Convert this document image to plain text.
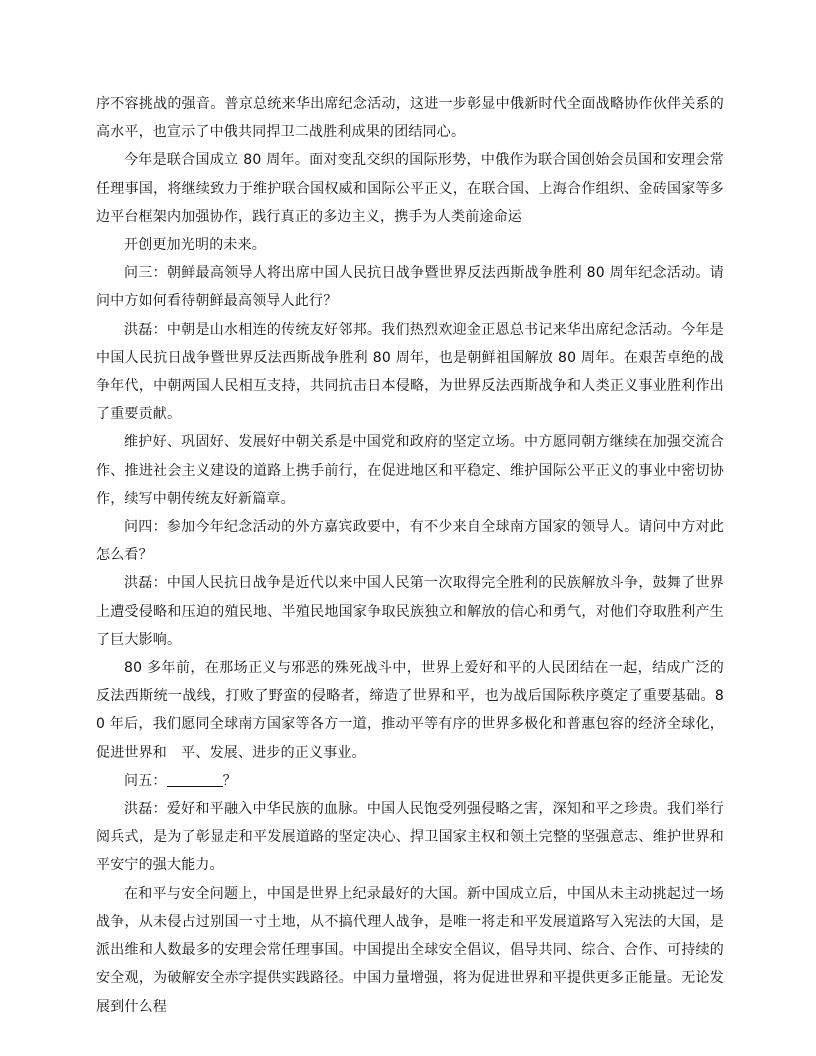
序不容挑战的强音。普京总统来华出席纪念活动，这进一步彰显中俄新时代全面战略协作伙伴关系的高水平，也宣示了中俄共同捍卫二战胜利成果的团结同心。

今年是联合国成立 80 周年。面对变乱交织的国际形势，中俄作为联合国创始会员国和安理会常任理事国，将继续致力于维护联合国权威和国际公平正义，在联合国、上海合作组织、金砖国家等多边平台框架内加强协作，践行真正的多边主义，携手为人类前途命运

开创更加光明的未来。

问三：朝鲜最高领导人将出席中国人民抗日战争暨世界反法西斯战争胜利 80 周年纪念活动。请问中方如何看待朝鲜最高领导人此行？

洪磊：中朝是山水相连的传统友好邻邦。我们热烈欢迎金正恩总书记来华出席纪念活动。今年是中国人民抗日战争暨世界反法西斯战争胜利 80 周年，也是朝鲜祖国解放 80 周年。在艰苦卓绝的战争年代，中朝两国人民相互支持，共同抗击日本侵略，为世界反法西斯战争和人类正义事业胜利作出了重要贡献。

维护好、巩固好、发展好中朝关系是中国党和政府的坚定立场。中方愿同朝方继续在加强交流合作、推进社会主义建设的道路上携手前行，在促进地区和平稳定、维护国际公平正义的事业中密切协作，续写中朝传统友好新篇章。

问四：参加今年纪念活动的外方嘉宾政要中，有不少来自全球南方国家的领导人。请问中方对此怎么看？

洪磊：中国人民抗日战争是近代以来中国人民第一次取得完全胜利的民族解放斗争，鼓舞了世界上遭受侵略和压迫的殖民地、半殖民地国家争取民族独立和解放的信心和勇气，对他们夺取胜利产生了巨大影响。

80 多年前，在那场正义与邪恶的殊死战斗中，世界上爱好和平的人民团结在一起，结成广泛的反法西斯统一战线，打败了野蛮的侵略者，缔造了世界和平，也为战后国际秩序奠定了重要基础。80 年后，我们愿同全球南方国家等各方一道，推动平等有序的世界多极化和普惠包容的经济全球化，促进世界和　平、发展、进步的正义事业。

问五：	？

洪磊：爱好和平融入中华民族的血脉。中国人民饱受列强侵略之害，深知和平之珍贵。我们举行阅兵式，是为了彰显走和平发展道路的坚定决心、捍卫国家主权和领土完整的坚强意志、维护世界和平安宁的强大能力。

在和平与安全问题上，中国是世界上纪录最好的大国。新中国成立后，中国从未主动挑起过一场战争，从未侵占过别国一寸土地，从不搞代理人战争，是唯一将走和平发展道路写入宪法的大国，是派出维和人数最多的安理会常任理事国。中国提出全球安全倡议，倡导共同、综合、合作、可持续的安全观，为破解安全赤字提供实践路径。中国力量增强，将为促进世界和平提供更多正能量。无论发展到什么程
